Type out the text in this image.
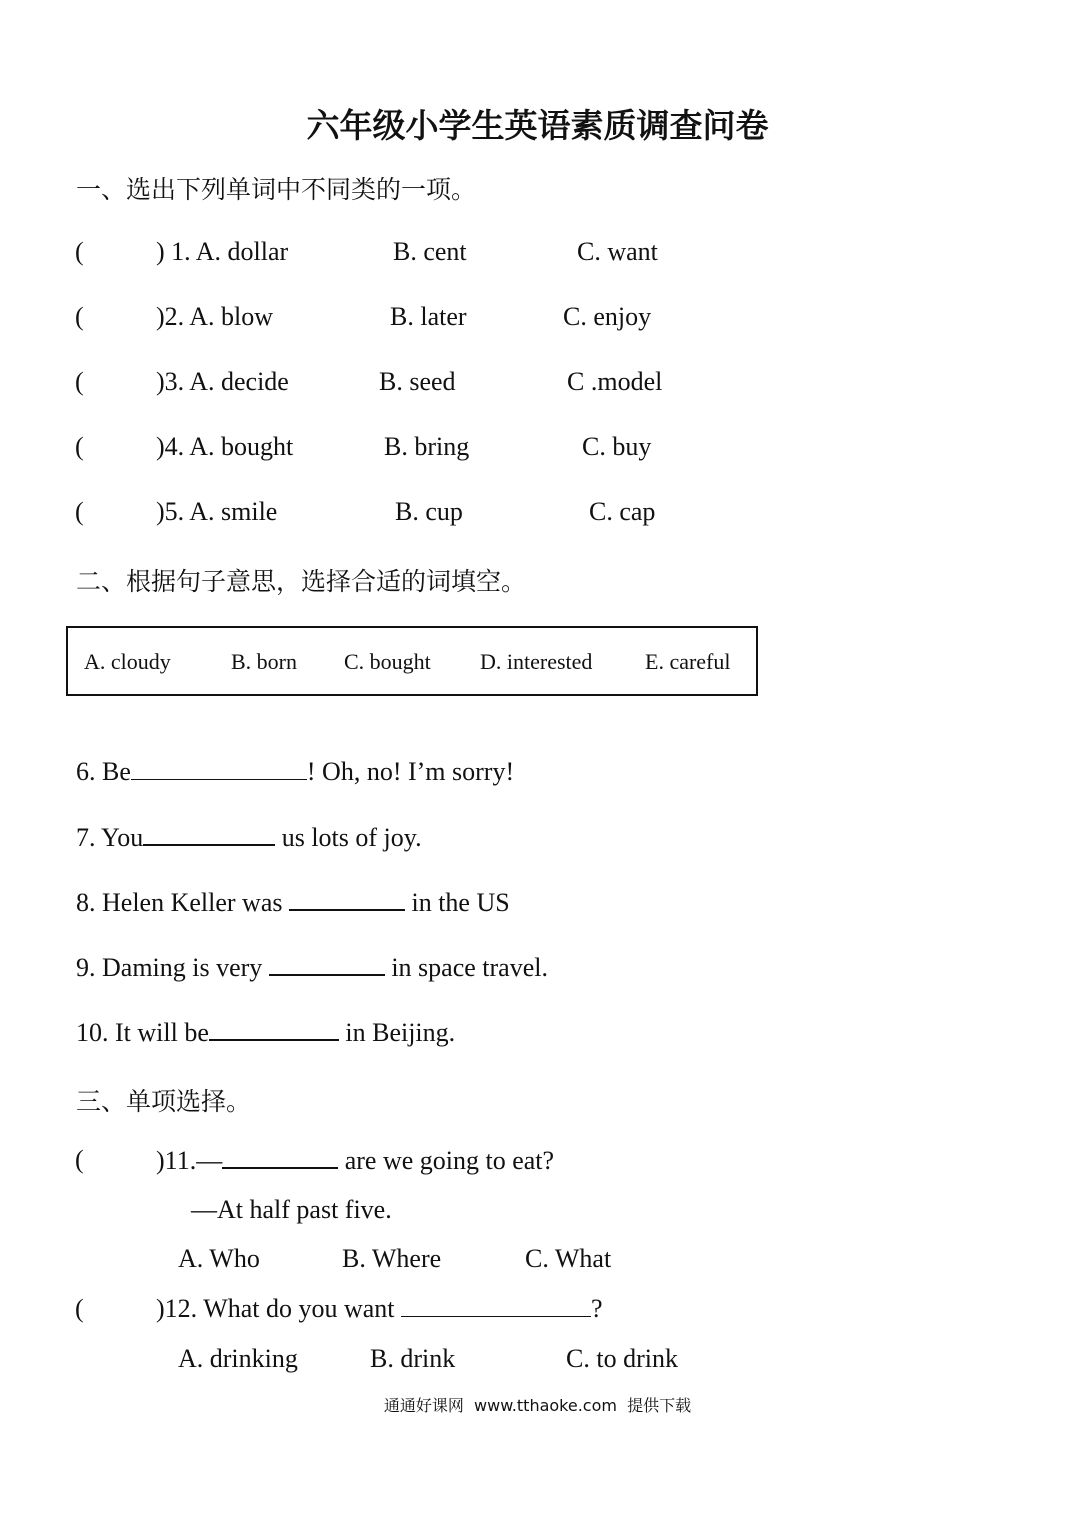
六年级小学生英语素质调查问卷
一、选出下列单词中不同类的一项。
(	) 1. A. dollar	B. cent	C. want
(	)2. A. blow	B. later	C. enjoy
(	)3. A. decide	B. seed	C .model
(	)4. A. bought	B. bring	C. buy
(	)5. A. smile	B. cup	C. cap
二、根据句子意思，选择合适的词填空。
A. cloudy	B. born C. bought D. interested E. careful
6. Be	! Oh, no! I’m sorry!
7. You	us lots of joy.
8. Helen Keller was	in the US
9. Daming is very	in space travel.
10. It will be	in Beijing.
三、单项选择。
(	)11.—	are we going to eat?
—At half past five.
A. Who	B. Where	C. What
(	)12. What do you want	?
A. drinking	B. drink	C. to drink
通通好课网  www.tthaoke.com  提供下载
